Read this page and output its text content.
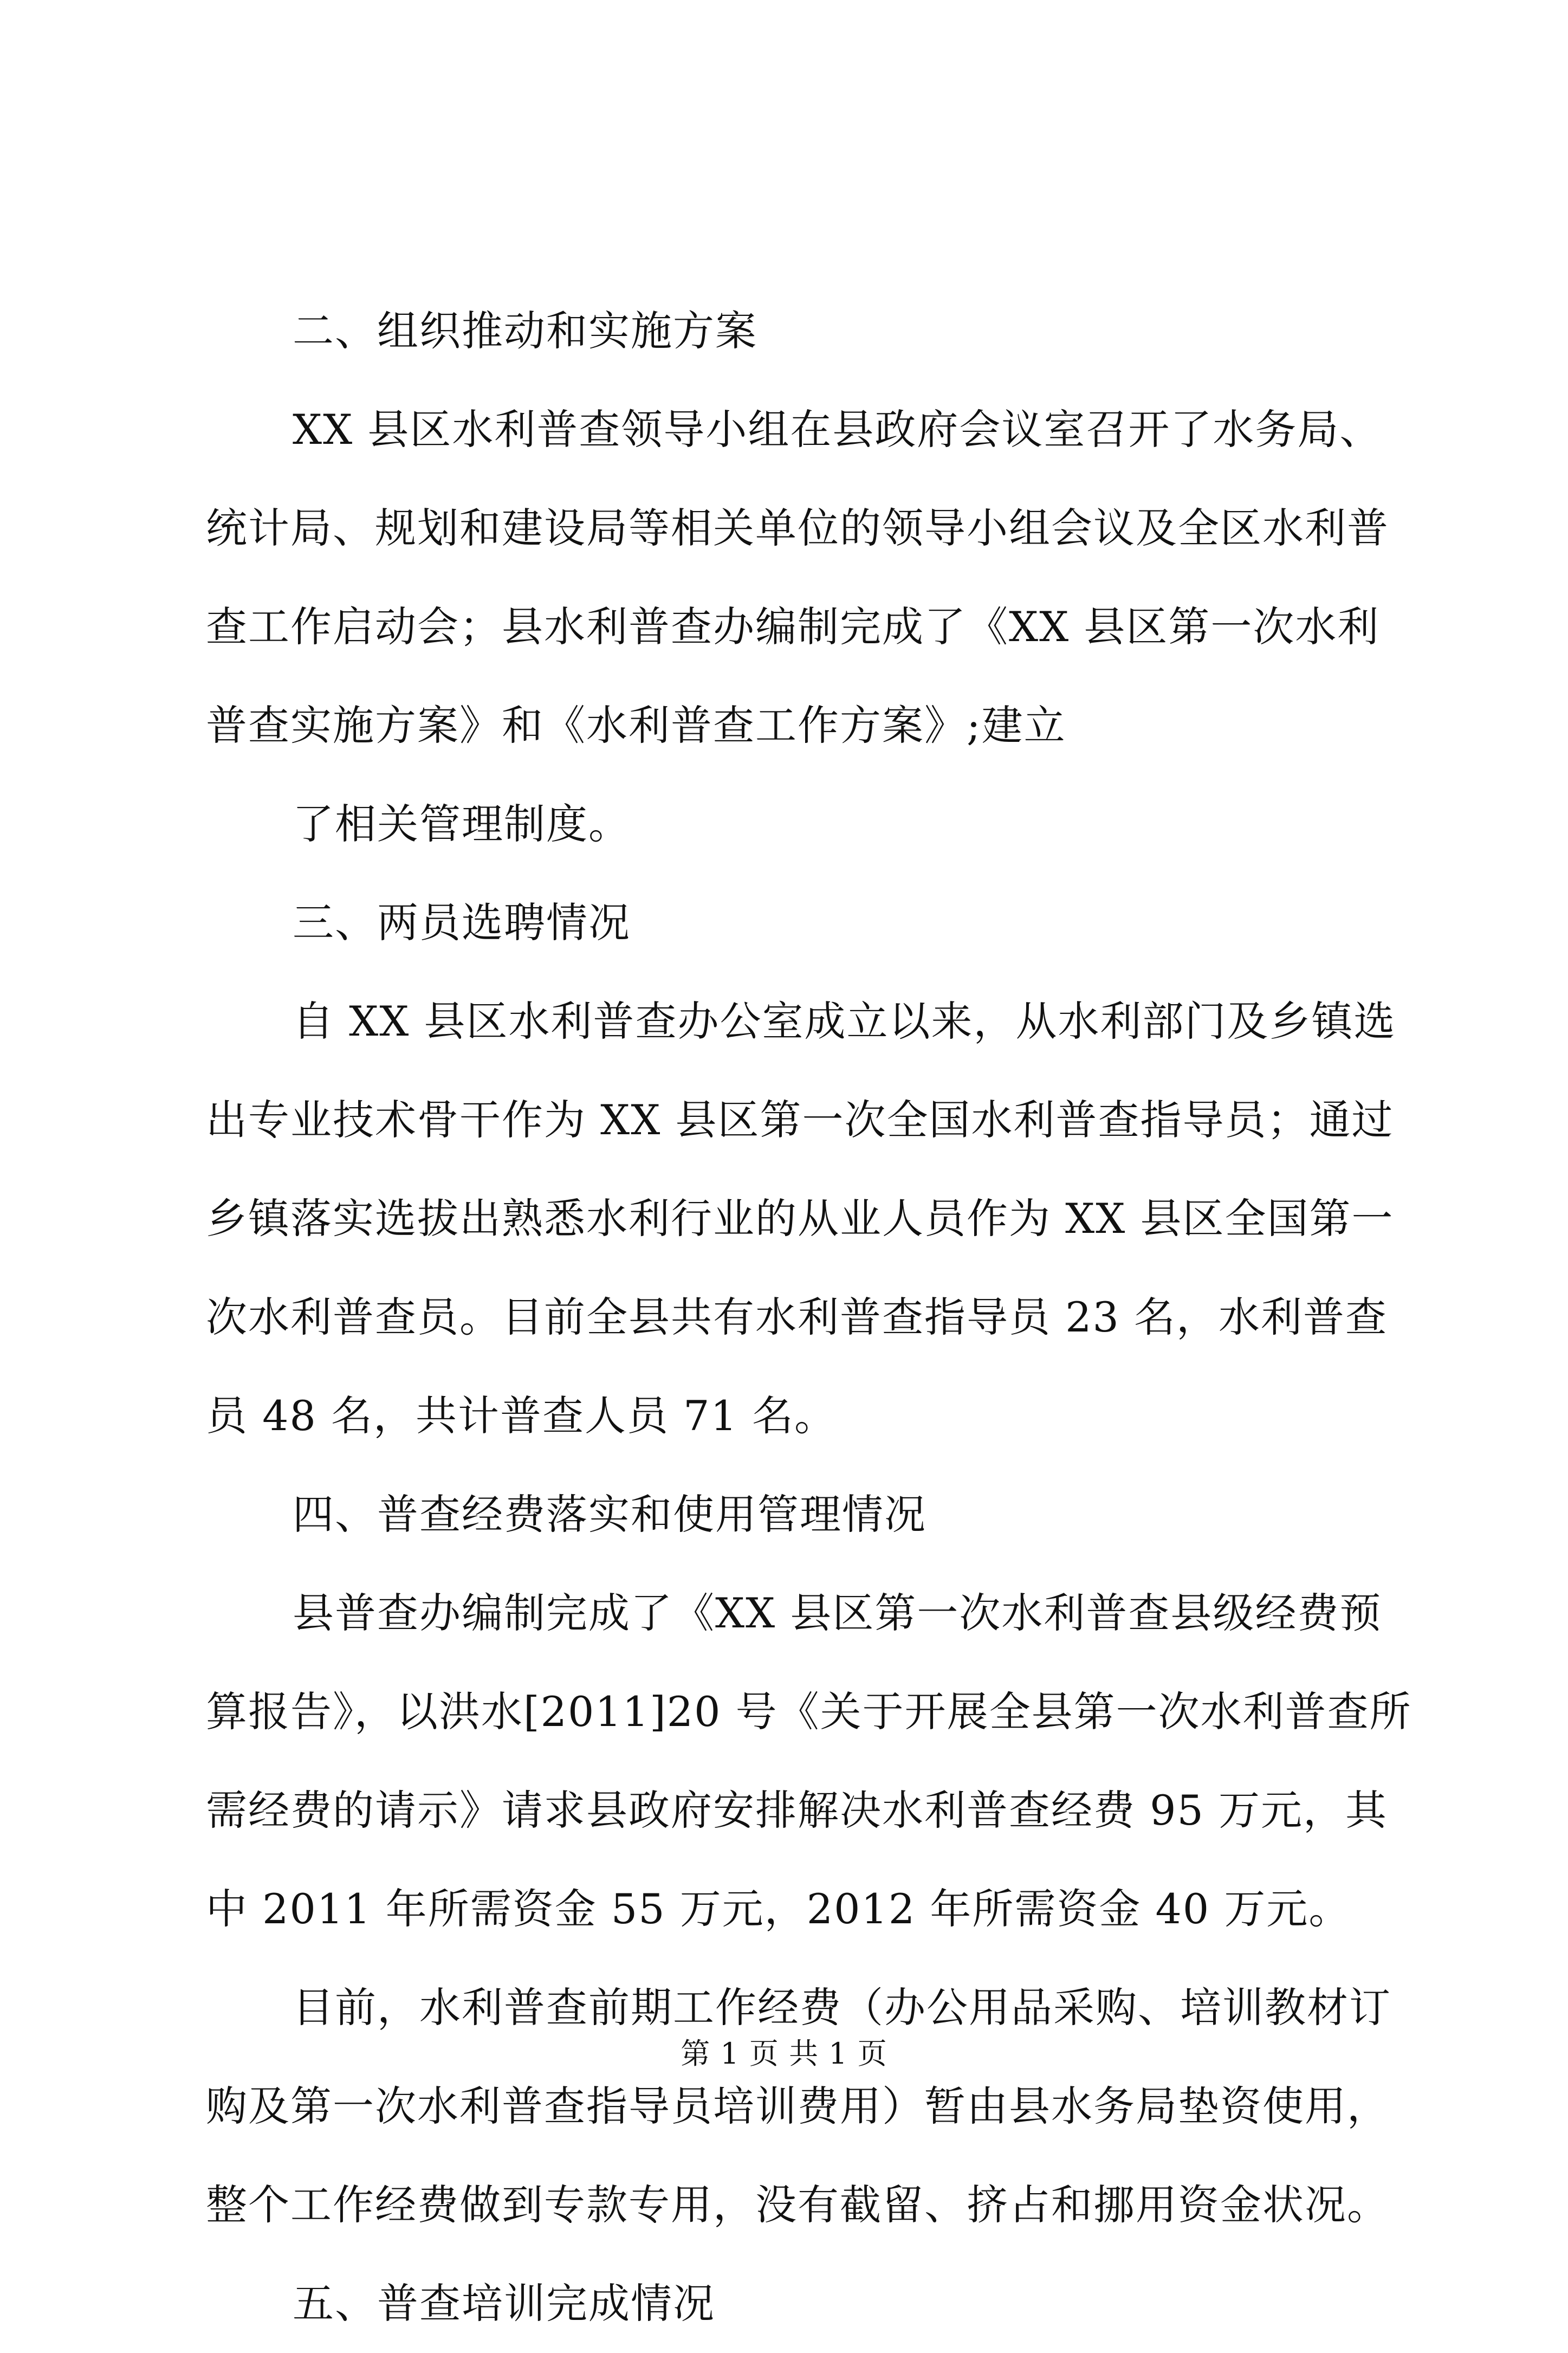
二、组织推动和实施方案
XX 县区水利普查领导小组在县政府会议室召开了水务局、
统计局、规划和建设局等相关单位的领导小组会议及全区水利普
查工作启动会；县水利普查办编制完成了《XX 县区第一次水利
普查实施方案》和《水利普查工作方案》;建立
了相关管理制度。
三、两员选聘情况
自 XX 县区水利普查办公室成立以来，从水利部门及乡镇选
出专业技术骨干作为 XX 县区第一次全国水利普查指导员；通过
乡镇落实选拔出熟悉水利行业的从业人员作为 XX 县区全国第一
次水利普查员。目前全县共有水利普查指导员 23 名，水利普查
员 48 名，共计普查人员 71 名。
四、普查经费落实和使用管理情况
县普查办编制完成了《XX 县区第一次水利普查县级经费预
算报告》，以洪水[2011]20 号《关于开展全县第一次水利普查所
需经费的请示》请求县政府安排解决水利普查经费 95 万元，其
中 2011 年所需资金 55 万元，2012 年所需资金 40 万元。
目前，水利普查前期工作经费（办公用品采购、培训教材订
购及第一次水利普查指导员培训费用）暂由县水务局垫资使用，
整个工作经费做到专款专用，没有截留、挤占和挪用资金状况。
五、普查培训完成情况
第 1 页 共 1 页
